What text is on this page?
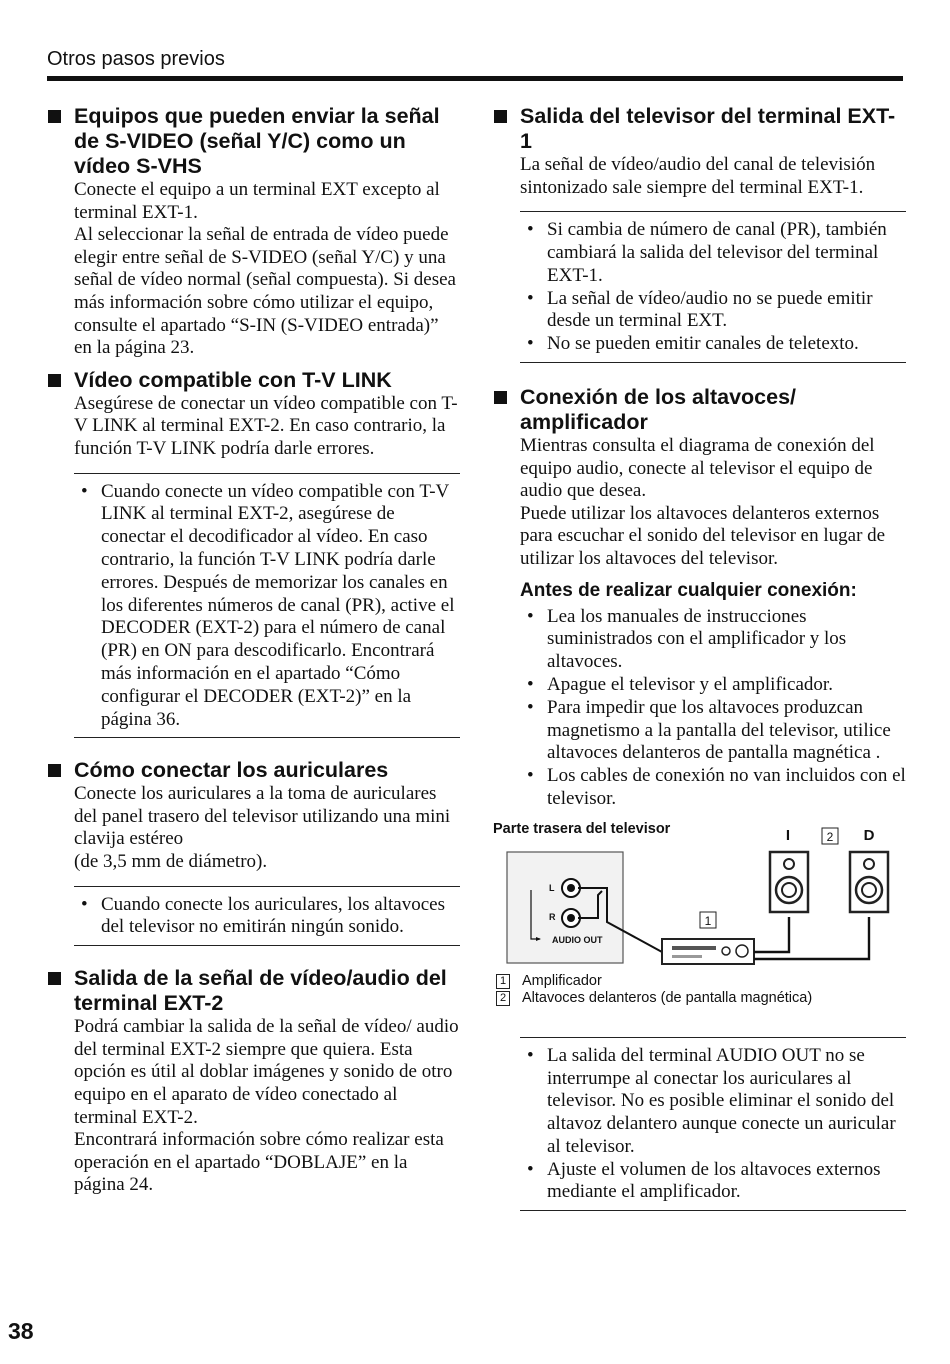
Otros pasos previos
Equipos que pueden enviar la señal de S-VIDEO (señal Y/C) como un vídeo S-VHS

Conecte el equipo a un terminal EXT excepto al terminal EXT-1.
Al seleccionar la señal de entrada de vídeo puede elegir entre señal de S-VIDEO (señal Y/C) y una señal de vídeo normal (señal compuesta). Si desea más información sobre cómo utilizar el equipo, consulte el apartado “S-IN (S-VIDEO entrada)” en la página 23.

Vídeo compatible con T-V LINK

Asegúrese de conectar un vídeo compatible con T-V LINK al terminal EXT-2. En caso contrario, la función T-V LINK podría darle errores.

• Cuando conecte un vídeo compatible con T-V LINK al terminal EXT-2, asegúrese de conectar el decodificador al vídeo. En caso contrario, la función T-V LINK podría darle errores. Después de memorizar los canales en los diferentes números de canal (PR), active el DECODER (EXT-2) para el número de canal (PR) en ON para descodificarlo. Encontrará más información en el apartado “Cómo configurar el DECODER (EXT-2)” en la página 36.
Cómo conectar los auriculares

Conecte los auriculares a la toma de auriculares del panel trasero del televisor utilizando una mini clavija estéreo
(de 3,5 mm de diámetro).

• Cuando conecte los auriculares, los altavoces del televisor no emitirán ningún sonido.
Salida de la señal de vídeo/audio del terminal EXT-2

Podrá cambiar la salida de la señal de vídeo/ audio del terminal EXT-2 siempre que quiera. Esta opción es útil al doblar imágenes y sonido de otro equipo en el aparato de vídeo conectado al terminal EXT-2.
Encontrará información sobre cómo realizar esta operación en el apartado “DOBLAJE” en la página 24.

Salida del televisor del terminal EXT-1

La señal de vídeo/audio del canal de televisión sintonizado sale siempre del terminal EXT-1.

• Si cambia de número de canal (PR), también cambiará la salida del televisor del terminal EXT-1.
• La señal de vídeo/audio no se puede emitir desde un terminal EXT.
• No se pueden emitir canales de teletexto.
Conexión de los altavoces/ amplificador

Mientras consulta el diagrama de conexión del equipo audio, conecte al televisor el equipo de audio que desea.
Puede utilizar los altavoces delanteros externos para escuchar el sonido del televisor en lugar de utilizar los altavoces del televisor.

Antes de realizar cualquier conexión:
• Lea los manuales de instrucciones suministrados con el amplificador y los altavoces.
• Apague el televisor y el amplificador.
• Para impedir que los altavoces produzcan magnetismo a la pantalla del televisor, utilice altavoces delanteros de pantalla magnética .
• Los cables de conexión no van incluidos con el televisor.
Parte trasera del televisor	I	2 D
L
R
AUDIO OUT
1
1 Amplificador
2 Altavoces delanteros (de pantalla magnética)
• La salida del terminal AUDIO OUT no se interrumpe al conectar los auriculares al televisor. No es posible eliminar el sonido del altavoz delantero aunque conecte un auricular al televisor.
• Ajuste el volumen de los altavoces externos mediante el amplificador.
38
